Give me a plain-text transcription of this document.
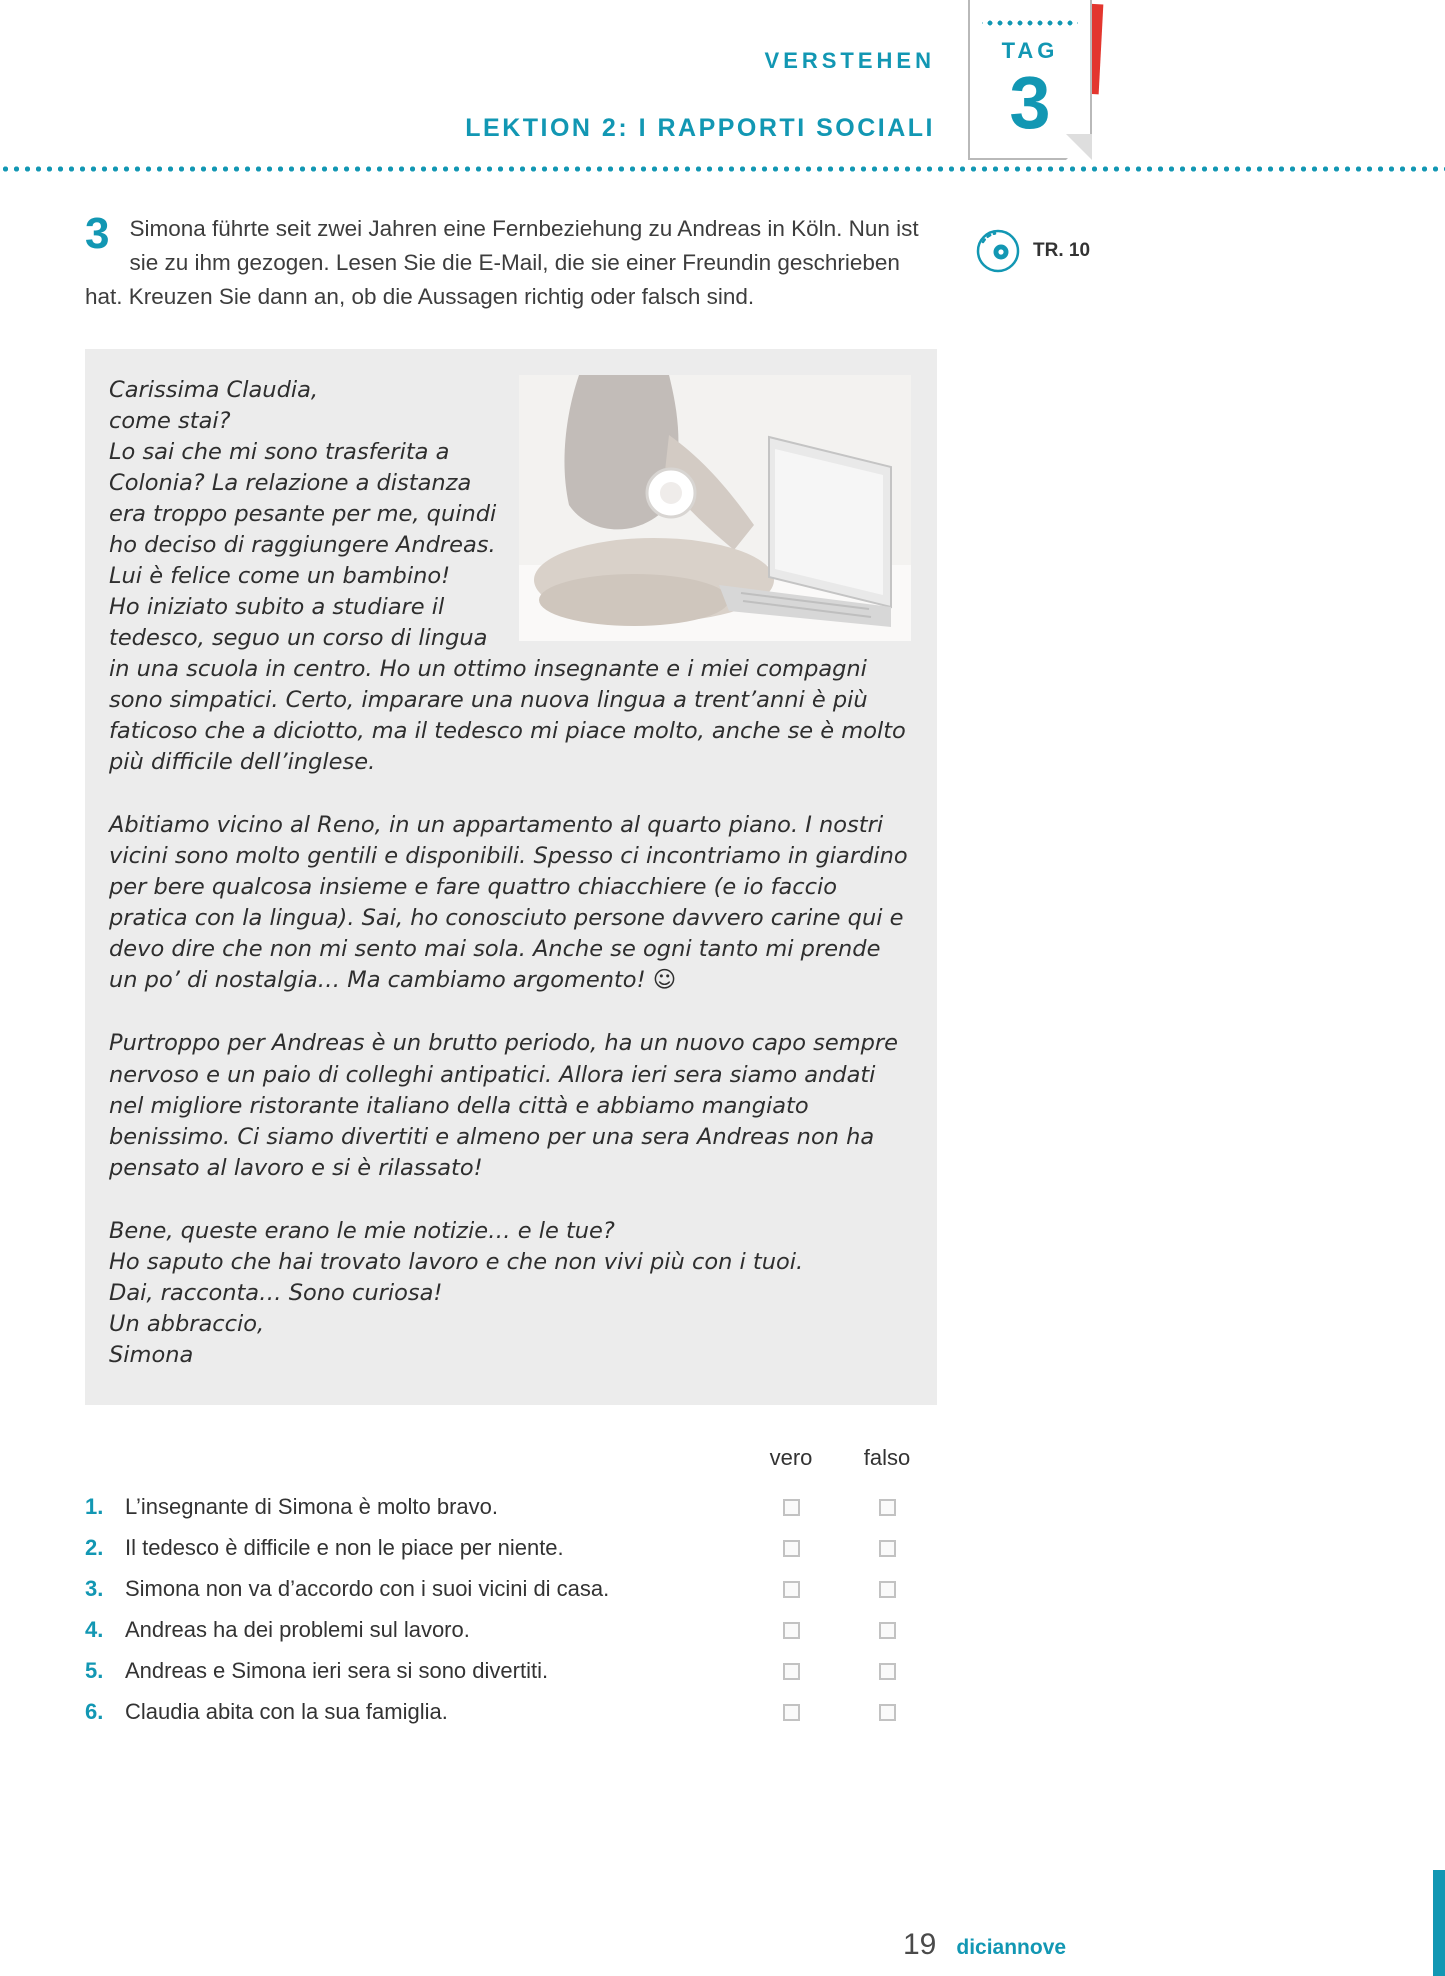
VERSTEHEN
LEKTION 2: I RAPPORTI SOCIALI
TAG
3
3 Simona führte seit zwei Jahren eine Fernbeziehung zu Andreas in Köln. Nun ist sie zu ihm gezogen. Lesen Sie die E-Mail, die sie einer Freundin geschrieben hat. Kreuzen Sie dann an, ob die Aussagen richtig oder falsch sind.

TR. 10

Carissima Claudia,

come stai?

Lo sai che mi sono trasferita a Colonia? La relazione a distanza era troppo pesante per me, quindi ho deciso di raggiungere Andreas. Lui è felice come un bambino!

Ho iniziato subito a studiare il tedesco, seguo un corso di lingua in una scuola in centro. Ho un ottimo insegnante e i miei compagni sono simpatici. Certo, imparare una nuova lingua a trent’anni è più faticoso che a diciotto, ma il tedesco mi piace molto, anche se è molto più difficile dell’inglese.

Abitiamo vicino al Reno, in un appartamento al quarto piano. I nostri vicini sono molto gentili e disponibili. Spesso ci incontriamo in giardino per bere qualcosa insieme e fare quattro chiacchiere (e io faccio pratica con la lingua). Sai, ho conosciuto persone davvero carine qui e devo dire che non mi sento mai sola. Anche se ogni tanto mi prende un po’ di nostalgia… Ma cambiamo argomento! ☺

Purtroppo per Andreas è un brutto periodo, ha un nuovo capo sempre nervoso e un paio di colleghi antipatici. Allora ieri sera siamo andati nel migliore ristorante italiano della città e abbiamo mangiato benissimo. Ci siamo divertiti e almeno per una sera Andreas non ha pensato al lavoro e si è rilassato!

Bene, queste erano le mie notizie… e le tue?

Ho saputo che hai trovato lavoro e che non vivi più con i tuoi.

Dai, racconta… Sono curiosa!

Un abbraccio,

Simona

vero	falso
1. L’insegnante di Simona è molto bravo.
2. Il tedesco è difficile e non le piace per niente.
3. Simona non va d’accordo con i suoi vicini di casa.
4. Andreas ha dei problemi sul lavoro.
5. Andreas e Simona ieri sera si sono divertiti.
6. Claudia abita con la sua famiglia.
19 diciannove
